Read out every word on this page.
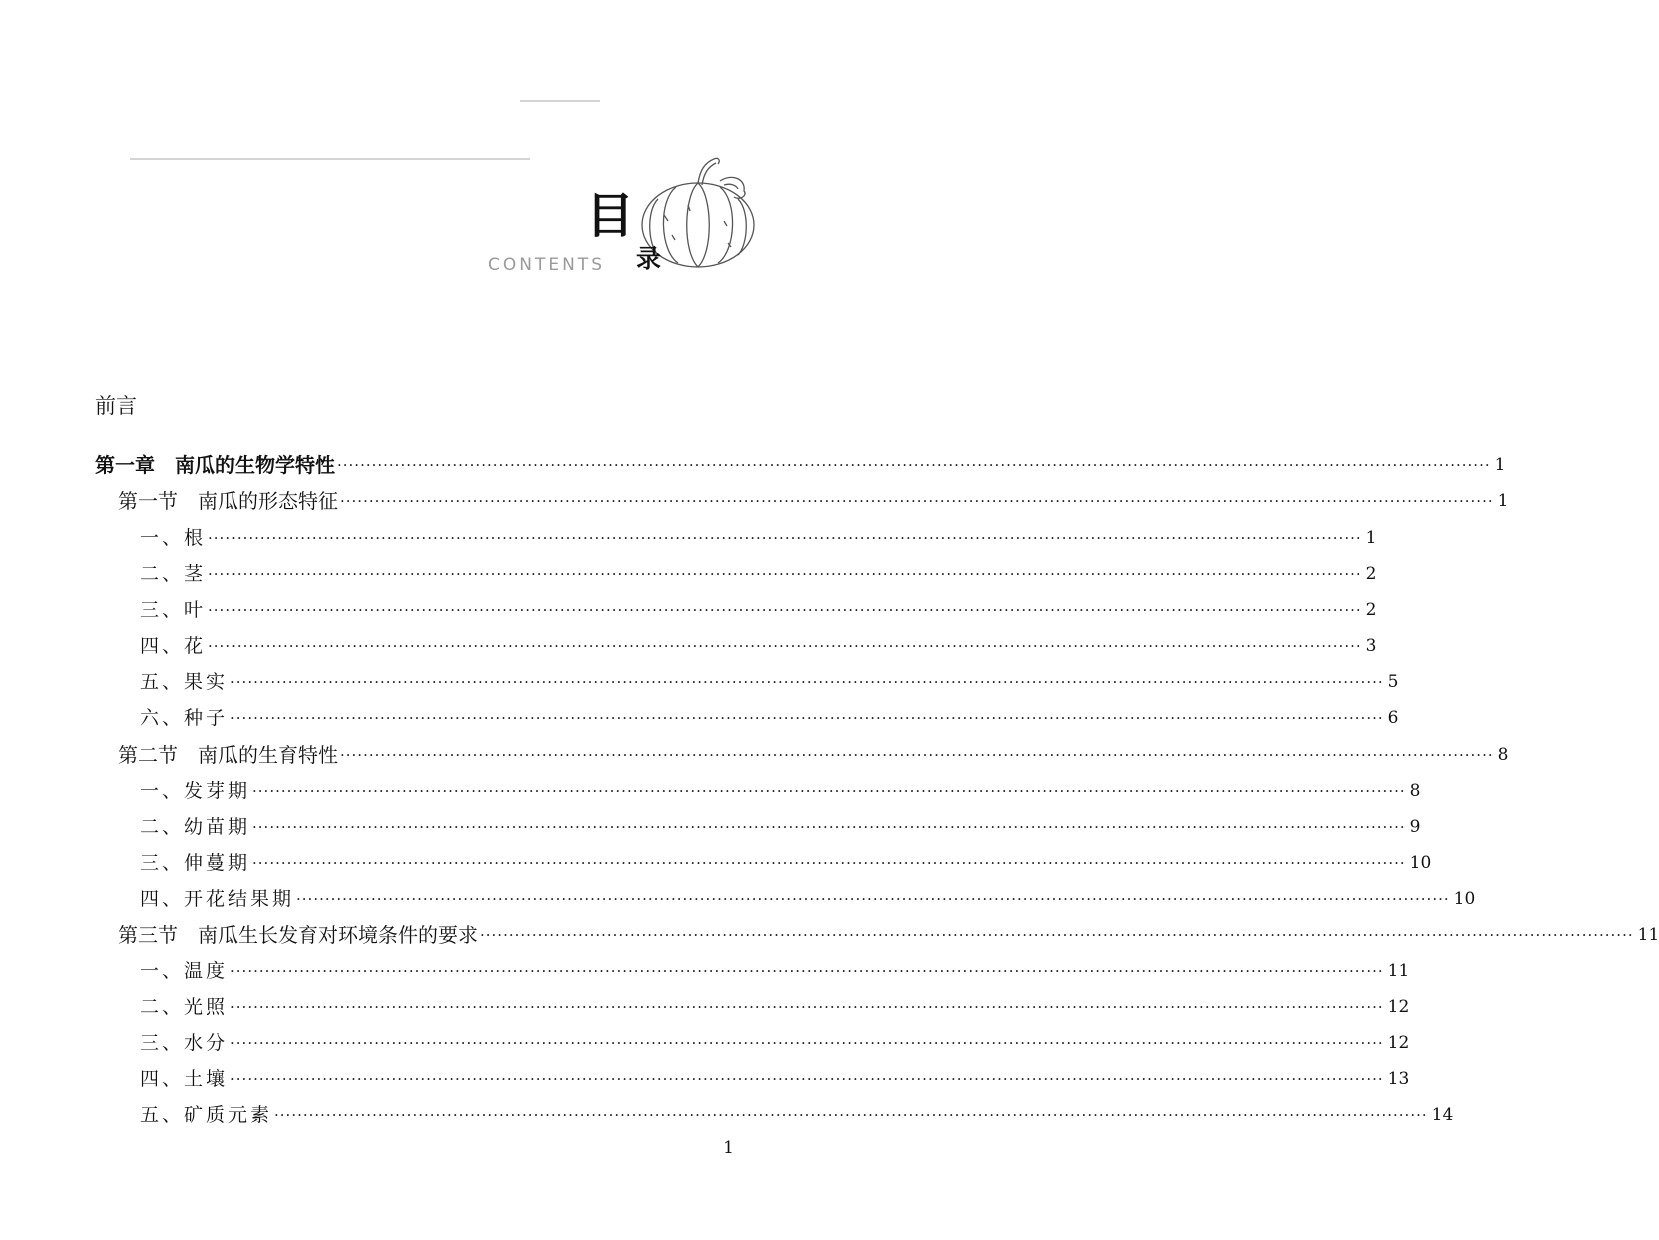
目
CONTENTS 录
前言
第一章　南瓜的生物学特性 ········································································································································································································ 1
第一节　南瓜的形态特征 ········································································································································································································ 1
一、根 ········································································································································································································ 1
二、茎 ········································································································································································································ 2
三、叶 ········································································································································································································ 2
四、花 ········································································································································································································ 3
五、果实 ········································································································································································································ 5
六、种子 ········································································································································································································ 6
第二节　南瓜的生育特性 ········································································································································································································ 8
一、发芽期 ········································································································································································································ 8
二、幼苗期 ········································································································································································································ 9
三、伸蔓期 ········································································································································································································ 10
四、开花结果期 ········································································································································································································ 10
第三节　南瓜生长发育对环境条件的要求 ········································································································································································································ 11
一、温度 ········································································································································································································ 11
二、光照 ········································································································································································································ 12
三、水分 ········································································································································································································ 12
四、土壤 ········································································································································································································ 13
五、矿质元素 ········································································································································································································ 14
1
